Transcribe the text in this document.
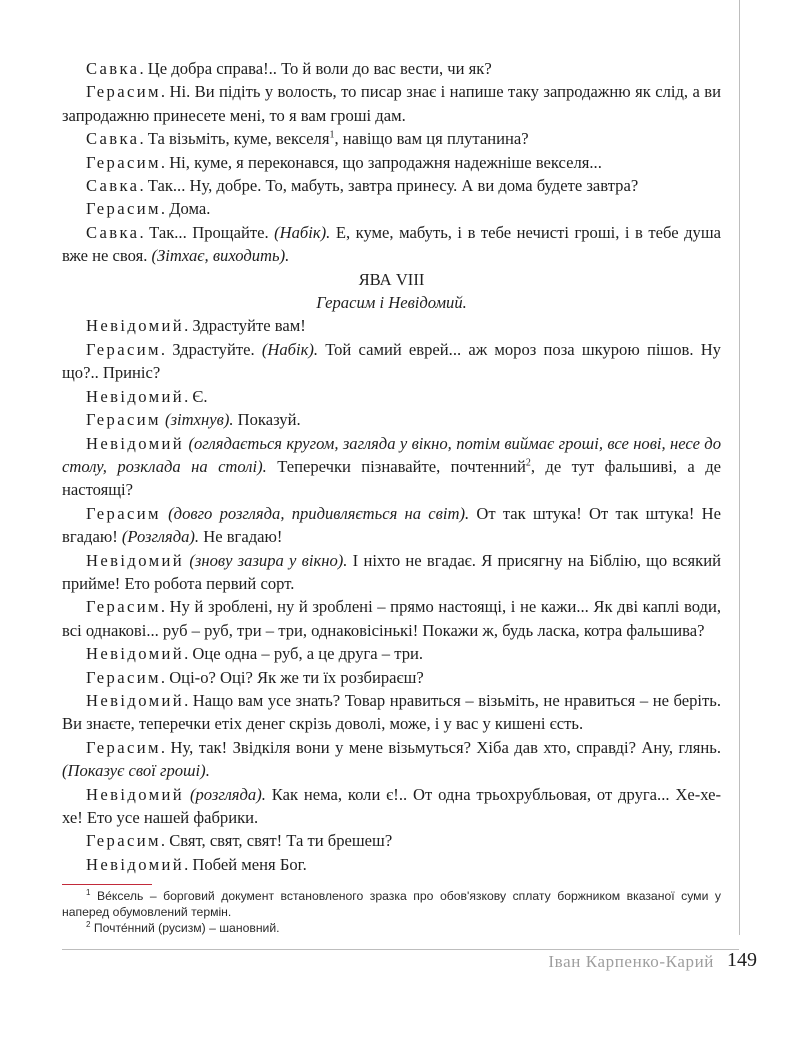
Савка. Це добра справа!.. То й воли до вас вести, чи як?

Герасим. Ні. Ви підіть у волость, то писар знає і напише таку запродажню як слід, а ви запродажню принесете мені, то я вам гроші дам.

Савка. Та візьміть, куме, векселя$^1$, навіщо вам ця плутанина?

Герасим. Ні, куме, я переконався, що запродажня надежніше векселя...

Савка. Так... Ну, добре. То, мабуть, завтра принесу. А ви дома будете завтра?

Герасим. Дома.

Савка. Так... Прощайте. (Набік). Е, куме, мабуть, і в тебе нечисті гроші, і в тебе душа вже не своя. (Зітхає, виходить).

ЯВА VIII

Герасим і Невідомий.

Невідомий. Здрастуйте вам!

Герасим. Здрастуйте. (Набік). Той самий еврей... аж мороз поза шкурою пішов. Ну що?.. Приніс?

Невідомий. Є.

Герасим (зітхнув). Показуй.

Невідомий (оглядається кругом, загляда у вікно, потім виймає гроші, все нові, несе до столу, розклада на столі). Теперечки пізнавайте, почтенний$^2$, де тут фальшиві, а де настоящі?

Герасим (довго розгляда, придивляється на світ). От так штука! От так штука! Не вгадаю! (Розгляда). Не вгадаю!

Невідомий (знову зазира у вікно). І ніхто не вгадає. Я присягну на Біблію, що всякий прийме! Ето робота первий сорт.

Герасим. Ну й зроблені, ну й зроблені – прямо настоящі, і не кажи... Як дві каплі води, всі однакові... руб – руб, три – три, однаковісінькі! Покажи ж, будь ласка, котра фальшива?

Невідомий. Оце одна – руб, а це друга – три.

Герасим. Оці-о? Оці? Як же ти їх розбираєш?

Невідомий. Нащо вам усе знать? Товар нравиться – візьміть, не нравиться – не беріть. Ви знаєте, теперечки етіх денег скрізь доволі, може, і у вас у кишені єсть.

Герасим. Ну, так! Звідкіля вони у мене візьмуться? Хіба дав хто, справді? Ану, глянь. (Показує свої гроші).

Невідомий (розгляда). Как нема, коли є!.. От одна трьохрубльовая, от друга... Хе-хе-хе! Ето усе нашей фабрики.

Герасим. Свят, свят, свят! Та ти брешеш?

Невідомий. Побей меня Бог.

$^1$ Ве́ксель – борговий документ встановленого зразка про обов'язкову сплату боржником вказаної суми у наперед обумовлений термін.

$^2$ Почте́нний (русизм) – шановний.

Іван Карпенко-Карий 149
